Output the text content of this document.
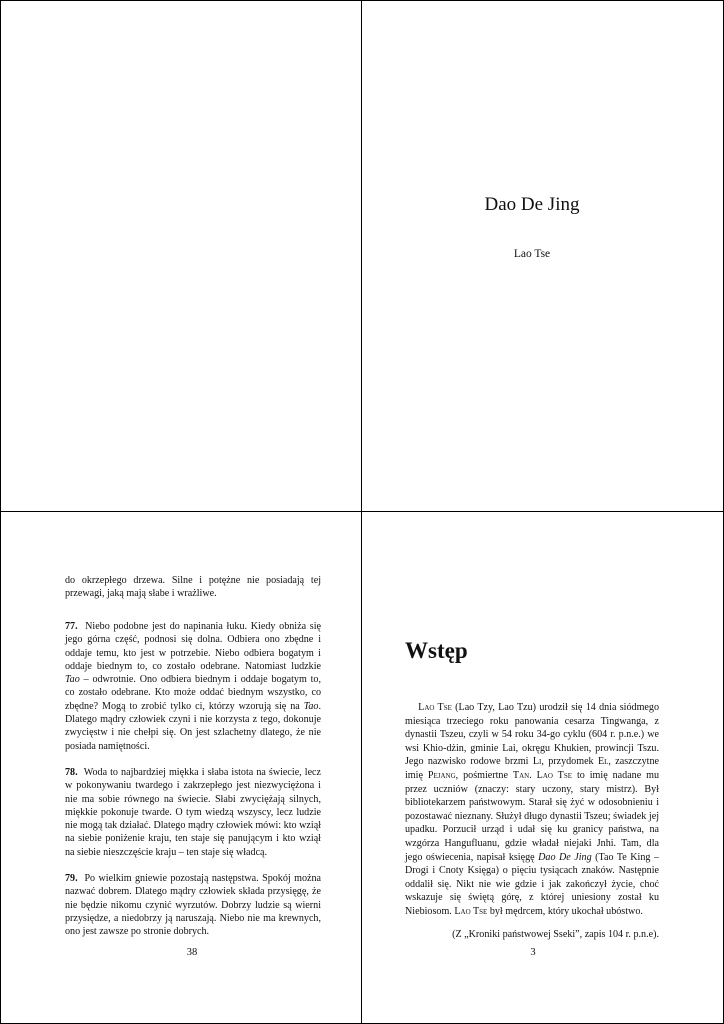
Dao De Jing
Lao Tse

do okrzepłego drzewa. Silne i potężne nie posiadają tej przewagi, jaką mają słabe i wrażliwe.

77. Niebo podobne jest do napinania łuku. Kiedy obniża się jego górna część, podnosi się dolna. Odbiera ono zbędne i oddaje temu, kto jest w potrzebie. Niebo odbiera bogatym i oddaje biednym to, co zostało odebrane. Natomiast ludzkie Tao – odwrotnie. Ono odbiera biednym i oddaje bogatym to, co zostało odebrane. Kto może oddać biednym wszystko, co zbędne? Mogą to zrobić tylko ci, którzy wzorują się na Tao. Dlatego mądry człowiek czyni i nie korzysta z tego, dokonuje zwycięstw i nie chełpi się. On jest szlachetny dlatego, że nie posiada namiętności.

78. Woda to najbardziej miękka i słaba istota na świecie, lecz w pokonywaniu twardego i zakrzepłego jest niezwyciężona i nie ma sobie równego na świecie. Słabi zwyciężają silnych, miękkie pokonuje twarde. O tym wiedzą wszyscy, lecz ludzie nie mogą tak działać. Dlatego mądry człowiek mówi: kto wziął na siebie poniżenie kraju, ten staje się panującym i kto wziął na siebie nieszczęście kraju – ten staje się władcą.

79. Po wielkim gniewie pozostają następstwa. Spokój można nazwać dobrem. Dlatego mądry człowiek składa przysięgę, że nie będzie nikomu czynić wyrzutów. Dobrzy ludzie są wierni przysiędze, a niedobrzy ją naruszają. Niebo nie ma krewnych, ono jest zawsze po stronie dobrych.

38
Wstęp

Lao Tse (Lao Tzy, Lao Tzu) urodził się 14 dnia siódmego miesiąca trzeciego roku panowania cesarza Tingwanga, z dynastii Tszeu, czyli w 54 roku 34-go cyklu (604 r. p.n.e.) we wsi Khio-dżin, gminie Lai, okręgu Khukien, prowincji Tszu. Jego nazwisko rodowe brzmi Li, przydomek El, zaszczytne imię Pejang, pośmiertne Tan. Lao Tse to imię nadane mu przez uczniów (znaczy: stary uczony, stary mistrz). Był bibliotekarzem państwowym. Starał się żyć w odosobnieniu i pozostawać nieznany. Służył długo dynastii Tszeu; świadek jej upadku. Porzucił urząd i udał się ku granicy państwa, na wzgórza Hangufluanu, gdzie władał niejaki Jnhi. Tam, dla jego oświecenia, napisał księgę Dao De Jing (Tao Te King – Drogi i Cnoty Księga) o pięciu tysiącach znaków. Następnie oddalił się. Nikt nie wie gdzie i jak zakończył życie, choć wskazuje się świętą górę, z której uniesiony został ku Niebiosom. Lao Tse był mędrcem, który ukochał ubóstwo.

(Z „Kroniki państwowej Sseki”, zapis 104 r. p.n.e).

3
